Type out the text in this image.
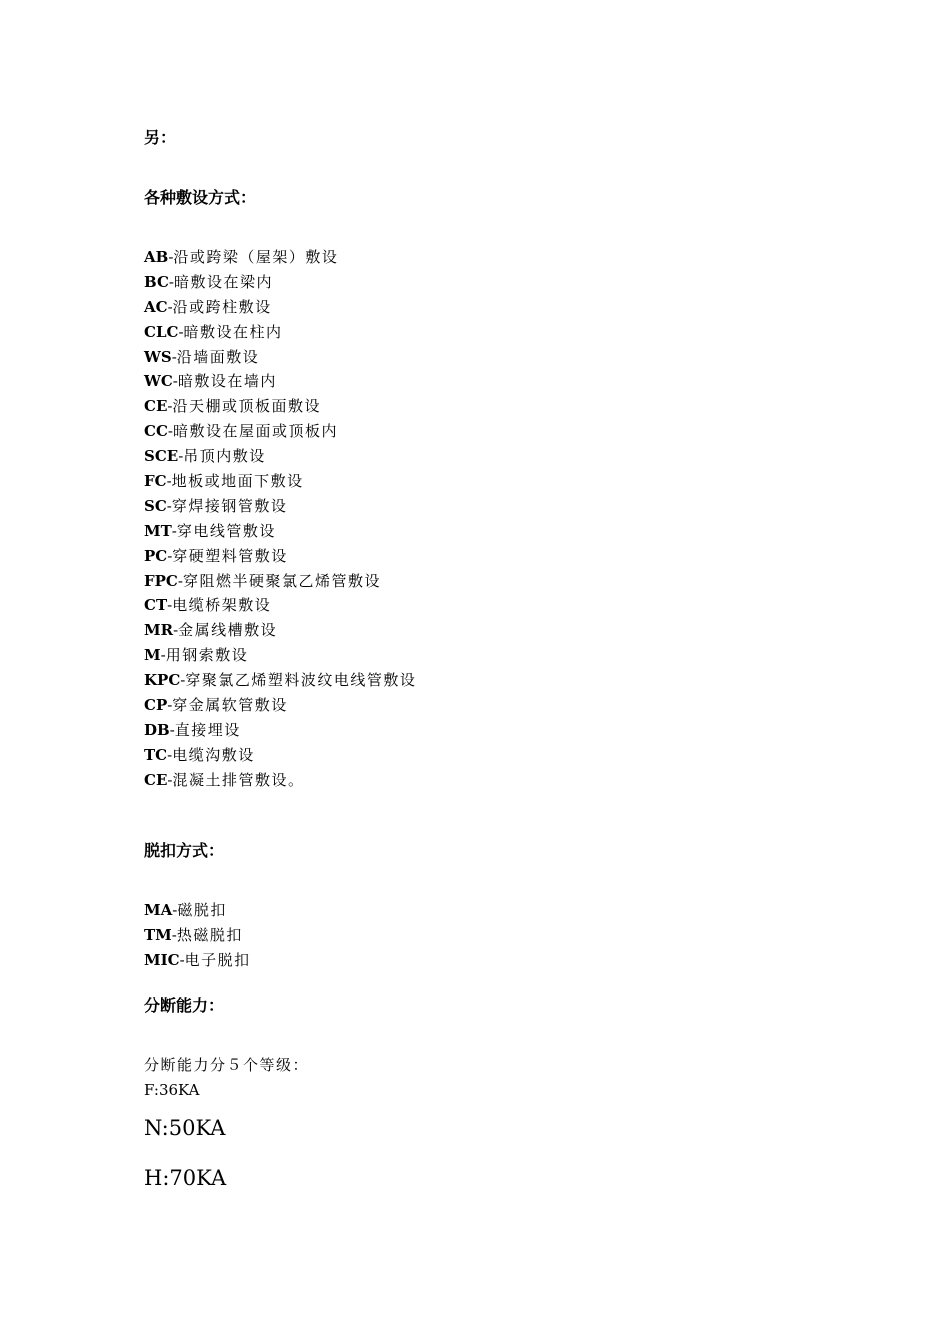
另：
各种敷设方式：
AB-沿或跨梁（屋架）敷设
BC-暗敷设在梁内
AC-沿或跨柱敷设
CLC-暗敷设在柱内
WS-沿墙面敷设
WC-暗敷设在墙内
CE-沿天棚或顶板面敷设
CC-暗敷设在屋面或顶板内
SCE-吊顶内敷设
FC-地板或地面下敷设
SC-穿焊接钢管敷设
MT-穿电线管敷设
PC-穿硬塑料管敷设
FPC-穿阻燃半硬聚氯乙烯管敷设
CT-电缆桥架敷设
MR-金属线槽敷设
M-用钢索敷设
KPC-穿聚氯乙烯塑料波纹电线管敷设
CP-穿金属软管敷设
DB-直接埋设
TC-电缆沟敷设
CE-混凝土排管敷设。
脱扣方式：
MA-磁脱扣
TM-热磁脱扣
MIC-电子脱扣
分断能力：
分断能力分５个等级：
F:36KA
N:50KA
H:70KA
